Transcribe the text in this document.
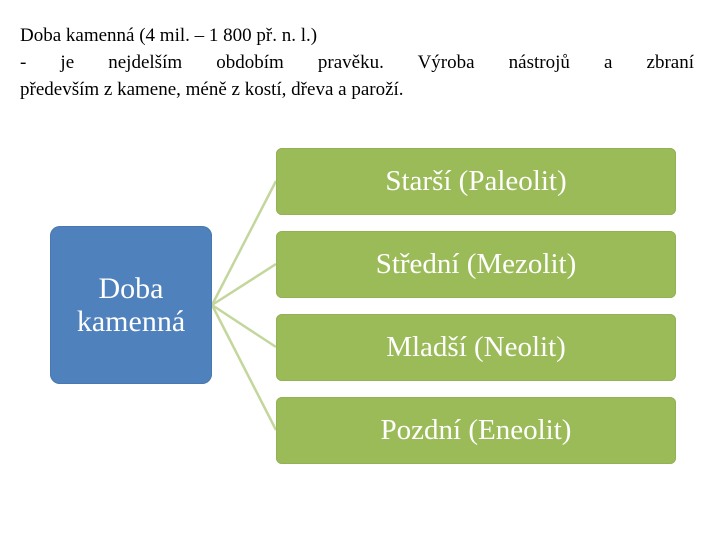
Doba kamenná (4 mil. – 1 800 př. n. l.)
- je nejdelším obdobím pravěku. Výroba nástrojů a zbraní
především z kamene, méně z kostí, dřeva a paroží.
Doba
kamenná
Starší (Paleolit)
Střední (Mezolit)
Mladší (Neolit)
Pozdní (Eneolit)
